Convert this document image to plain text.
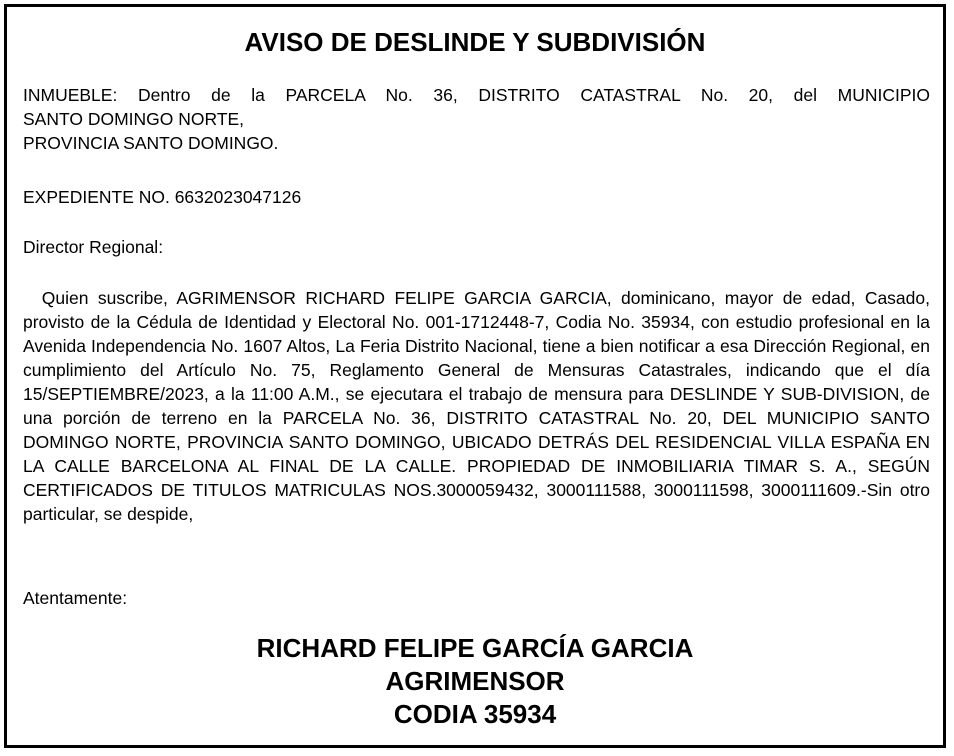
AVISO DE DESLINDE Y SUBDIVISIÓN
INMUEBLE: Dentro de la PARCELA No. 36, DISTRITO CATASTRAL No. 20, del MUNICIPIO
SANTO DOMINGO NORTE,
PROVINCIA SANTO DOMINGO.
EXPEDIENTE NO. 6632023047126
Director Regional:
Quien suscribe, AGRIMENSOR RICHARD FELIPE GARCIA GARCIA, dominicano, mayor de edad, Casado, provisto de la Cédula de Identidad y Electoral No. 001-1712448-7, Codia No. 35934, con estudio profesional en la Avenida Independencia No. 1607 Altos, La Feria Distrito Nacional, tiene a bien notificar a esa Dirección Regional, en cumplimiento del Artículo No. 75, Reglamento General de Mensuras Catastrales, indicando que el día 15/SEPTIEMBRE/2023, a la 11:00 A.M., se ejecutara el trabajo de mensura para DESLINDE Y SUB-DIVISION, de una porción de terreno en la PARCELA No. 36, DISTRITO CATASTRAL No. 20, DEL MUNICIPIO SANTO DOMINGO NORTE, PROVINCIA SANTO DOMINGO, UBICADO DETRÁS DEL RESIDENCIAL VILLA ESPAÑA EN LA CALLE BARCELONA AL FINAL DE LA CALLE. PROPIEDAD DE INMOBILIARIA TIMAR S. A., SEGÚN CERTIFICADOS DE TITULOS MATRICULAS NOS.3000059432, 3000111588, 3000111598, 3000111609.-Sin otro particular, se despide,
Atentamente:
RICHARD FELIPE GARCÍA GARCIA
AGRIMENSOR
CODIA 35934
